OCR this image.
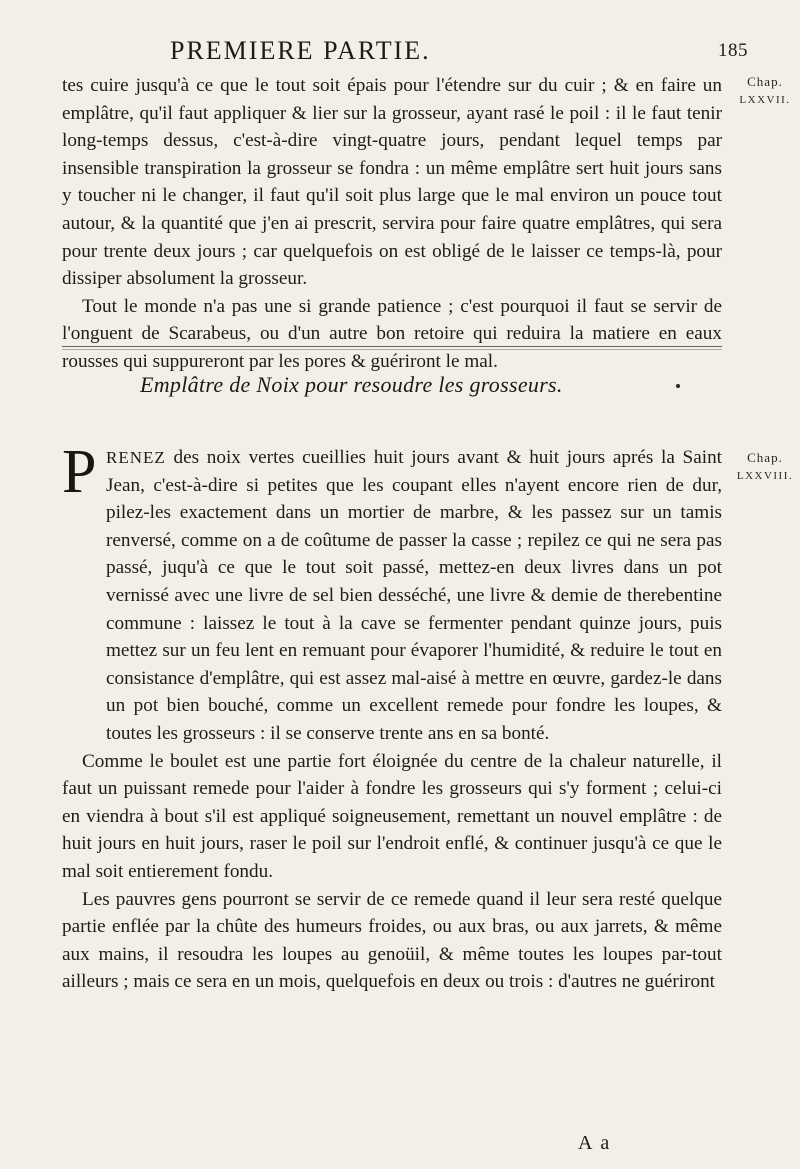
PREMIERE PARTIE.	185
Chap.
LXXVII.

tes cuire jusqu'à ce que le tout soit épais pour l'étendre sur du cuir ; & en faire un emplâtre, qu'il faut appliquer & lier sur la grosseur, ayant rasé le poil : il le faut tenir long-temps dessus, c'est-à-dire vingt-quatre jours, pendant lequel temps par insensible transpiration la grosseur se fondra : un même emplâtre sert huit jours sans y toucher ni le changer, il faut qu'il soit plus large que le mal environ un pouce tout autour, & la quantité que j'en ai prescrit, servira pour faire quatre emplâtres, qui sera pour trente deux jours ; car quelquefois on est obligé de le laisser ce temps-là, pour dissiper absolument la grosseur.

Tout le monde n'a pas une si grande patience ; c'est pourquoi il faut se servir de l'onguent de Scarabeus, ou d'un autre bon retoire qui reduira la matiere en eaux rousses qui suppureront par les pores & guériront le mal.

Emplâtre de Noix pour resoudre les grosseurs.
Chap.
LXXVIII.
P RENEZ des noix vertes cueillies huit jours avant & huit jours aprés la Saint Jean, c'est-à-dire si petites que les coupant elles n'ayent encore rien de dur, pilez-les exactement dans un mortier de marbre, & les passez sur un tamis renversé, comme on a de coûtume de passer la casse ; repilez ce qui ne sera pas passé, juqu'à ce que le tout soit passé, mettez-en deux livres dans un pot vernissé avec une livre de sel bien desséché, une livre & demie de therebentine commune : laissez le tout à la cave se fermenter pendant quinze jours, puis mettez sur un feu lent en remuant pour évaporer l'humidité, & reduire le tout en consistance d'emplâtre, qui est assez mal-aisé à mettre en œuvre, gardez-le dans un pot bien bouché, comme un excellent remede pour fondre les loupes, & toutes les grosseurs : il se conserve trente ans en sa bonté.

Comme le boulet est une partie fort éloignée du centre de la chaleur naturelle, il faut un puissant remede pour l'aider à fondre les grosseurs qui s'y forment ; celui-ci en viendra à bout s'il est appliqué soigneusement, remettant un nouvel emplâtre : de huit jours en huit jours, raser le poil sur l'endroit enflé, & continuer jusqu'à ce que le mal soit entierement fondu.

Les pauvres gens pourront se servir de ce remede quand il leur sera resté quelque partie enflée par la chûte des humeurs froides, ou aux bras, ou aux jarrets, & même aux mains, il resoudra les loupes au genoüil, & même toutes les loupes par-tout ailleurs ; mais ce sera en un mois, quelquefois en deux ou trois : d'autres ne guériront

A a
